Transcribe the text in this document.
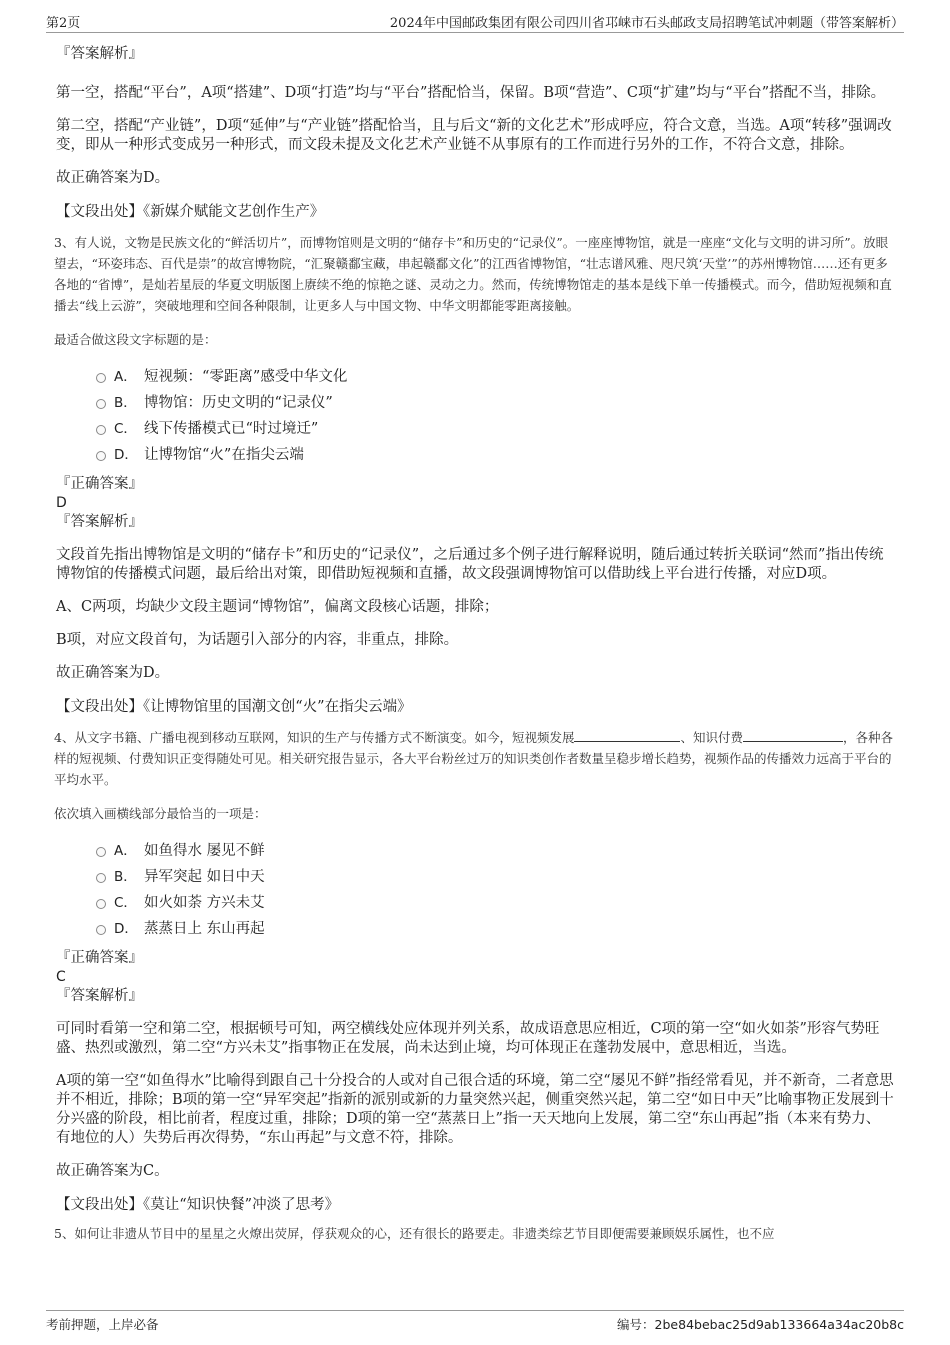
第2页	2024年中国邮政集团有限公司四川省邛崃市石头邮政支局招聘笔试冲刺题（带答案解析）
『答案解析』
第一空，搭配“平台”，A项“搭建”、D项“打造”均与“平台”搭配恰当，保留。B项“营造”、C项“扩建”均与“平台”搭配不当，排除。
第二空，搭配“产业链”，D项“延伸”与“产业链”搭配恰当，且与后文“新的文化艺术”形成呼应，符合文意，当选。A项“转移”强调改变，即从一种形式变成另一种形式，而文段未提及文化艺术产业链不从事原有的工作而进行另外的工作，不符合文意，排除。
故正确答案为D。
【文段出处】《新媒介赋能文艺创作生产》
3、有人说，文物是民族文化的“鲜活切片”，而博物馆则是文明的“储存卡”和历史的“记录仪”。一座座博物馆，就是一座座“文化与文明的讲习所”。放眼望去，“环姿玮态、百代是崇”的故宫博物院，“汇聚赣鄱宝藏，串起赣鄱文化”的江西省博物馆，“壮志谱风雅、咫尺筑‘天堂’”的苏州博物馆……还有更多各地的“省博”，是灿若星辰的华夏文明版图上赓续不绝的惊艳之谜、灵动之力。然而，传统博物馆走的基本是线下单一传播模式。而今，借助短视频和直播去“线上云游”，突破地理和空间各种限制，让更多人与中国文物、中华文明都能零距离接触。
最适合做这段文字标题的是：
A． 短视频：“零距离”感受中华文化
B． 博物馆：历史文明的“记录仪”
C． 线下传播模式已“时过境迁”
D． 让博物馆“火”在指尖云端
『正确答案』
D
『答案解析』
文段首先指出博物馆是文明的“储存卡”和历史的“记录仪”，之后通过多个例子进行解释说明，随后通过转折关联词“然而”指出传统博物馆的传播模式问题，最后给出对策，即借助短视频和直播，故文段强调博物馆可以借助线上平台进行传播，对应D项。
A、C两项，均缺少文段主题词“博物馆”，偏离文段核心话题，排除；
B项，对应文段首句，为话题引入部分的内容，非重点，排除。
故正确答案为D。
【文段出处】《让博物馆里的国潮文创“火”在指尖云端》
4、从文字书籍、广播电视到移动互联网，知识的生产与传播方式不断演变。如今，短视频发展	、知识付费	，各种各样的短视频、付费知识正变得随处可见。相关研究报告显示，各大平台粉丝过万的知识类创作者数量呈稳步增长趋势，视频作品的传播效力远高于平台的平均水平。
依次填入画横线部分最恰当的一项是：
A． 如鱼得水 屡见不鲜
B． 异军突起 如日中天
C． 如火如荼 方兴未艾
D． 蒸蒸日上 东山再起
『正确答案』
C
『答案解析』
可同时看第一空和第二空，根据顿号可知，两空横线处应体现并列关系，故成语意思应相近，C项的第一空“如火如荼”形容气势旺盛、热烈或激烈，第二空“方兴未艾”指事物正在发展，尚未达到止境，均可体现正在蓬勃发展中，意思相近，当选。
A项的第一空“如鱼得水”比喻得到跟自己十分投合的人或对自己很合适的环境，第二空“屡见不鲜”指经常看见，并不新奇，二者意思并不相近，排除；B项的第一空“异军突起”指新的派别或新的力量突然兴起，侧重突然兴起，第二空“如日中天”比喻事物正发展到十分兴盛的阶段，相比前者，程度过重，排除；D项的第一空“蒸蒸日上”指一天天地向上发展，第二空“东山再起”指（本来有势力、有地位的人）失势后再次得势，“东山再起”与文意不符，排除。
故正确答案为C。
【文段出处】《莫让“知识快餐”冲淡了思考》
5、如何让非遗从节目中的星星之火燎出荧屏，俘获观众的心，还有很长的路要走。非遗类综艺节目即便需要兼顾娱乐属性，也不应
考前押题，上岸必备	编号：2be84bebac25d9ab133664a34ac20b8c
